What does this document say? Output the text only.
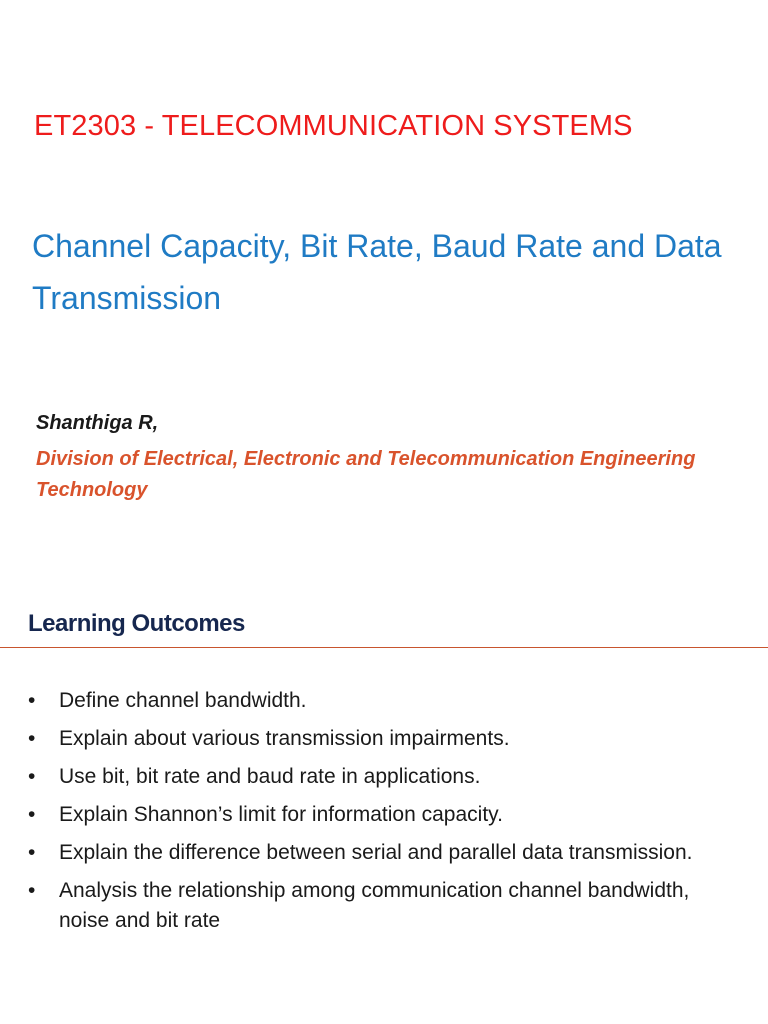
ET2303 - TELECOMMUNICATION SYSTEMS
Channel Capacity, Bit Rate, Baud Rate and Data Transmission
Shanthiga R,
Division of Electrical, Electronic and Telecommunication Engineering Technology
Learning Outcomes
• Define channel bandwidth.
• Explain about various transmission impairments.
• Use bit, bit rate and baud rate in applications.
• Explain Shannon’s limit for information capacity.
• Explain the difference between serial and parallel data transmission.
• Analysis the relationship among communication channel bandwidth, noise and bit rate
